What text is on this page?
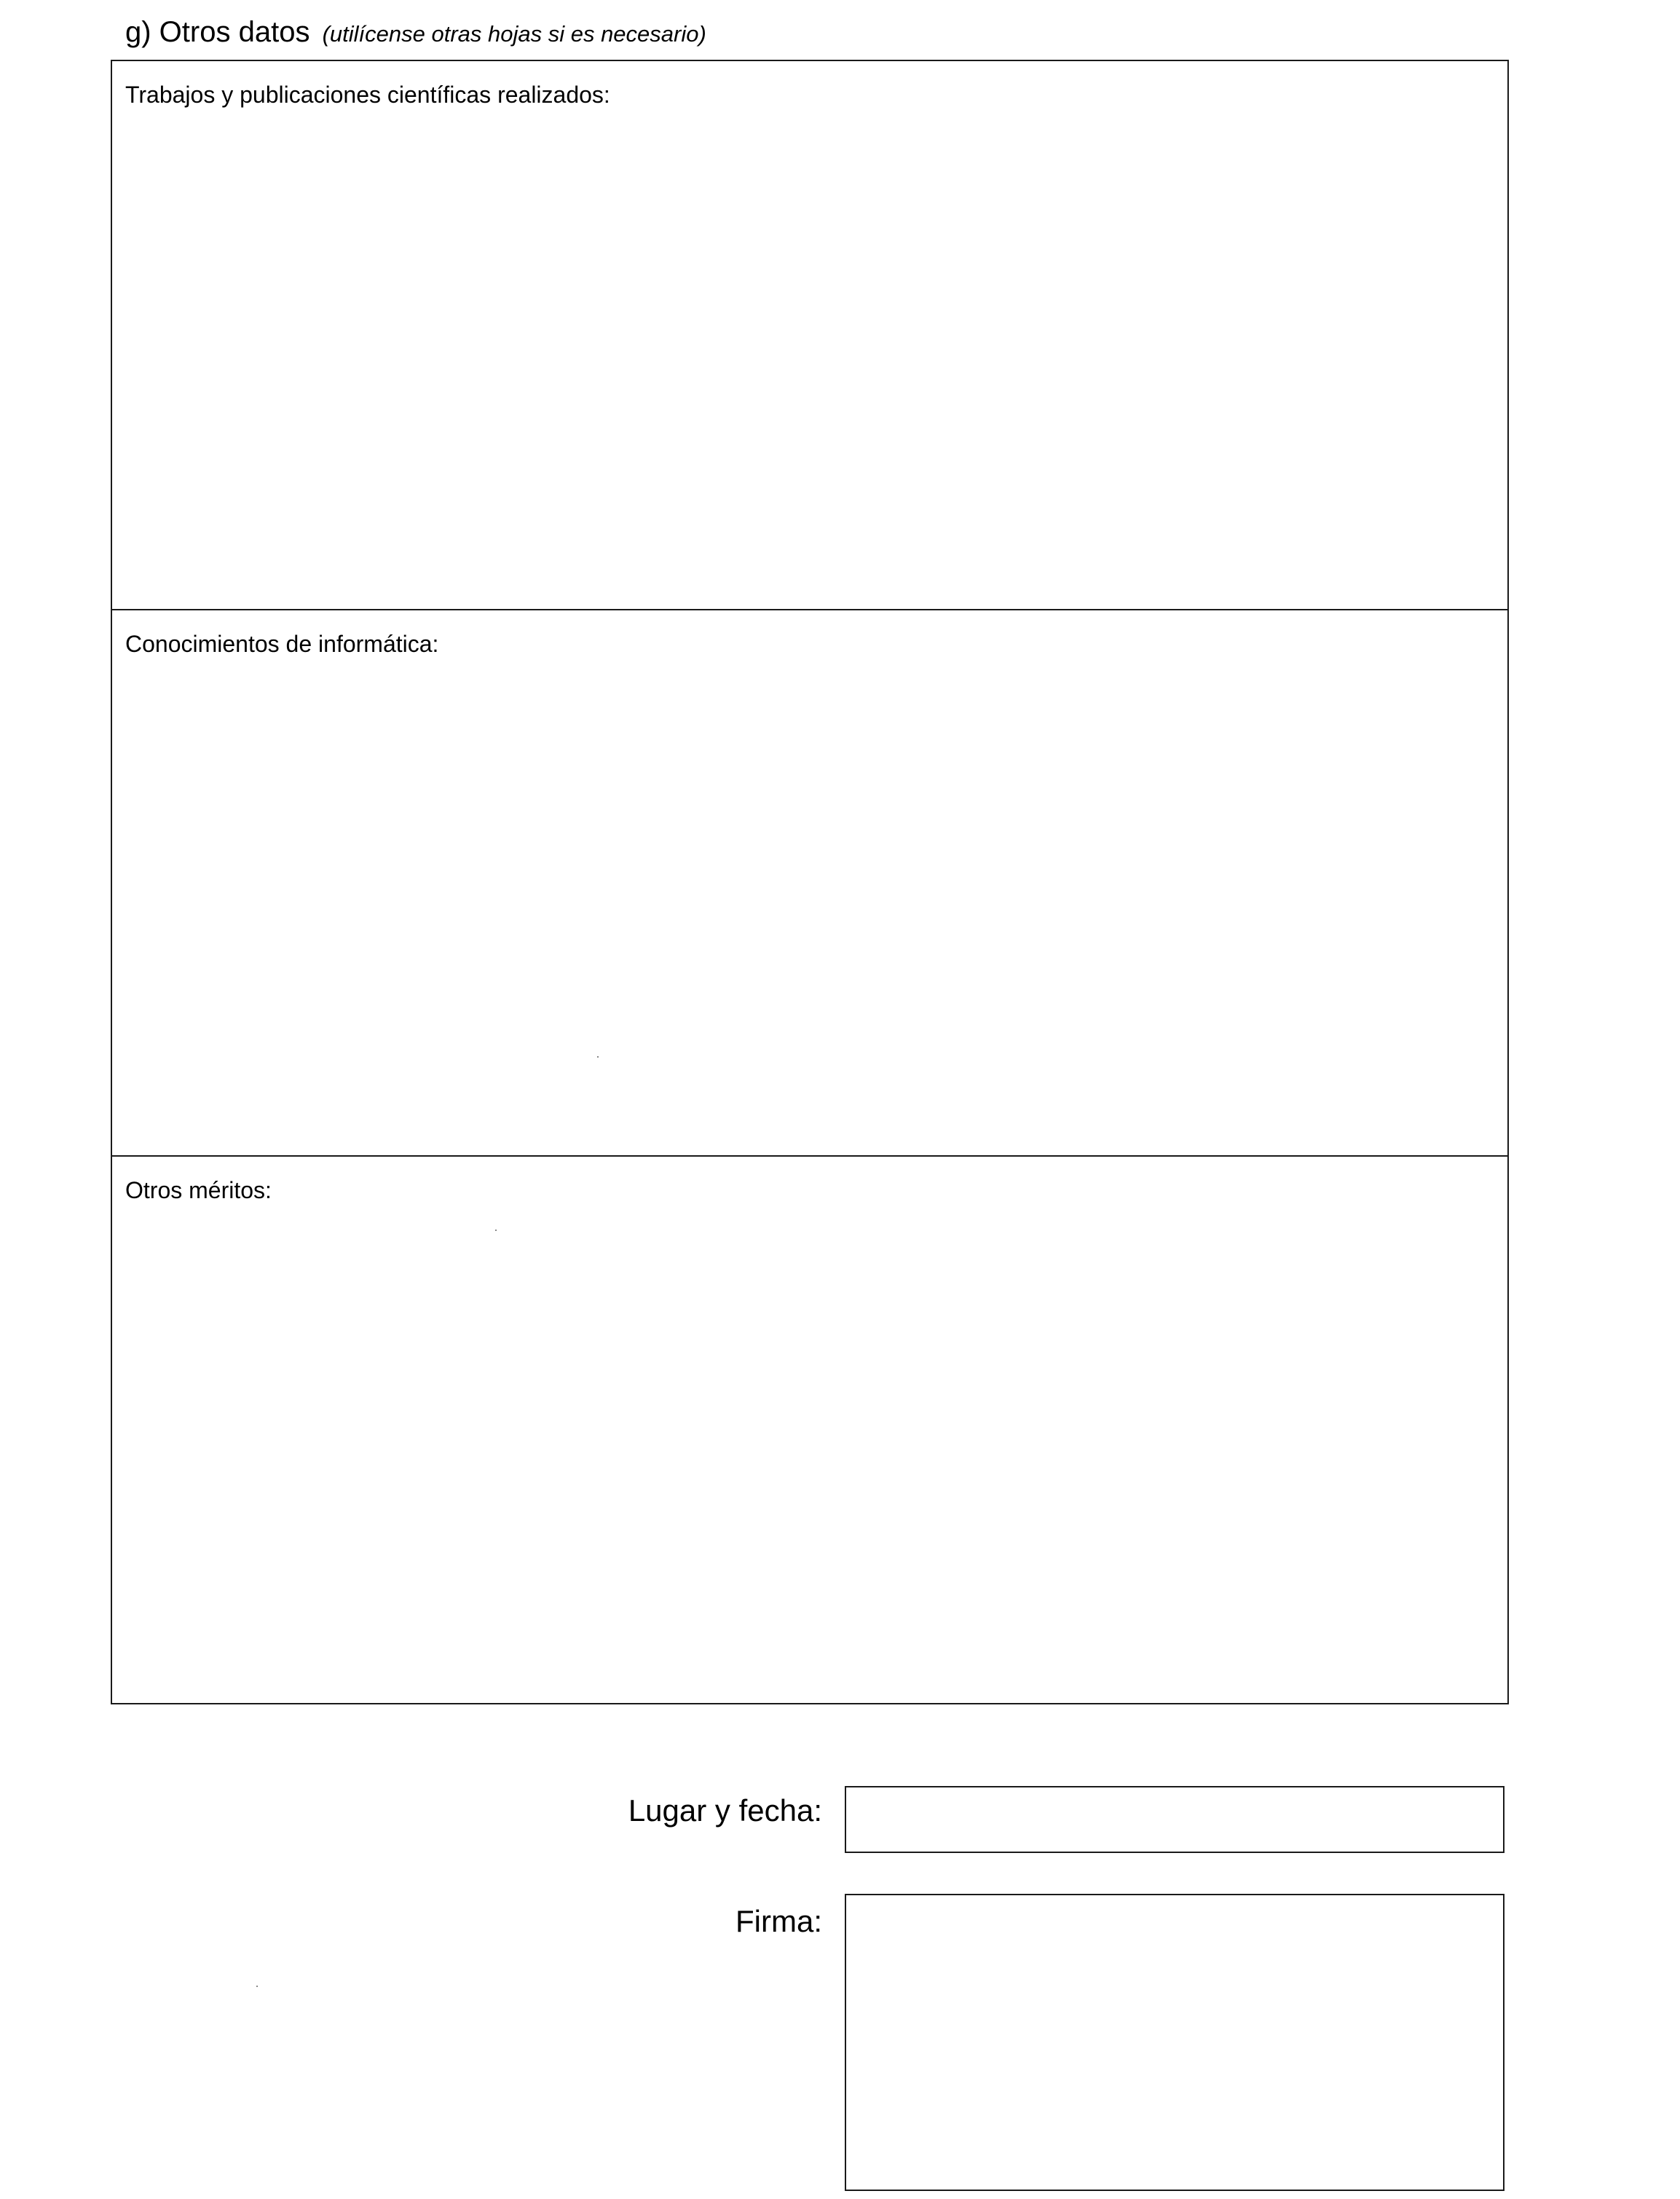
g) Otros datos (utilícense otras hojas si es necesario)
Trabajos y publicaciones científicas realizados:
Conocimientos de informática:
Otros méritos:
Lugar y fecha:
Firma:
